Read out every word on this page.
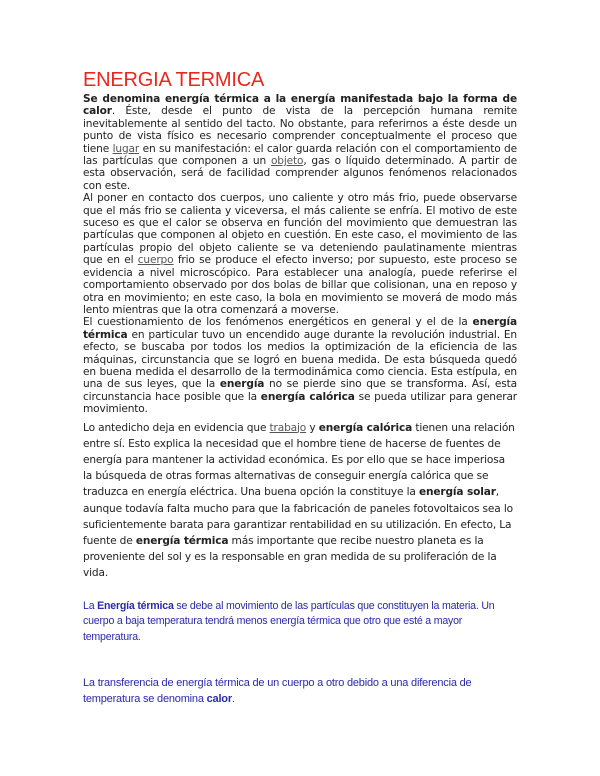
ENERGIA TERMICA

Se denomina energía térmica a la energía manifestada bajo la forma de calor. Éste, desde el punto de vista de la percepción humana remite inevitablemente al sentido del tacto. No obstante, para referirnos a éste desde un punto de vista físico es necesario comprender conceptualmente el proceso que tiene lugar en su manifestación: el calor guarda relación con el comportamiento de las partículas que componen a un objeto, gas o líquido determinado. A partir de esta observación, será de facilidad comprender algunos fenómenos relacionados con este.

Al poner en contacto dos cuerpos, uno caliente y otro más frio, puede observarse que el más frio se calienta y viceversa, el más caliente se enfría. El motivo de este suceso es que el calor se observa en función del movimiento que demuestran las partículas que componen al objeto en cuestión. En este caso, el movimiento de las partículas propio del objeto caliente se va deteniendo paulatinamente mientras que en el cuerpo frio se produce el efecto inverso; por supuesto, este proceso se evidencia a nivel microscópico. Para establecer una analogía, puede referirse el comportamiento observado por dos bolas de billar que colisionan, una en reposo y otra en movimiento; en este caso, la bola en movimiento se moverá de modo más lento mientras que la otra comenzará a moverse.

El cuestionamiento de los fenómenos energéticos en general y el de la energía térmica en particular tuvo un encendido auge durante la revolución industrial. En efecto, se buscaba por todos los medios la optimización de la eficiencia de las máquinas, circunstancia que se logró en buena medida. De esta búsqueda quedó en buena medida el desarrollo de la termodinámica como ciencia. Esta estípula, en una de sus leyes, que la energía no se pierde sino que se transforma. Así, esta circunstancia hace posible que la energía calórica se pueda utilizar para generar movimiento.

Lo antedicho deja en evidencia que trabajo y energía calórica tienen una relación entre sí. Esto explica la necesidad que el hombre tiene de hacerse de fuentes de energía para mantener la actividad económica. Es por ello que se hace imperiosa la búsqueda de otras formas alternativas de conseguir energía calórica que se traduzca en energía eléctrica. Una buena opción la constituye la energía solar, aunque todavía falta mucho para que la fabricación de paneles fotovoltaicos sea lo suficientemente barata para garantizar rentabilidad en su utilización. En efecto, La fuente de energía térmica más importante que recibe nuestro planeta es la proveniente del sol y es la responsable en gran medida de su proliferación de la vida.

La Energía térmica se debe al movimiento de las partículas que constituyen la materia. Un cuerpo a baja temperatura tendrá menos energía térmica que otro que esté a mayor temperatura.

La transferencia de energía térmica de un cuerpo a otro debido a una diferencia de temperatura se denomina calor.
